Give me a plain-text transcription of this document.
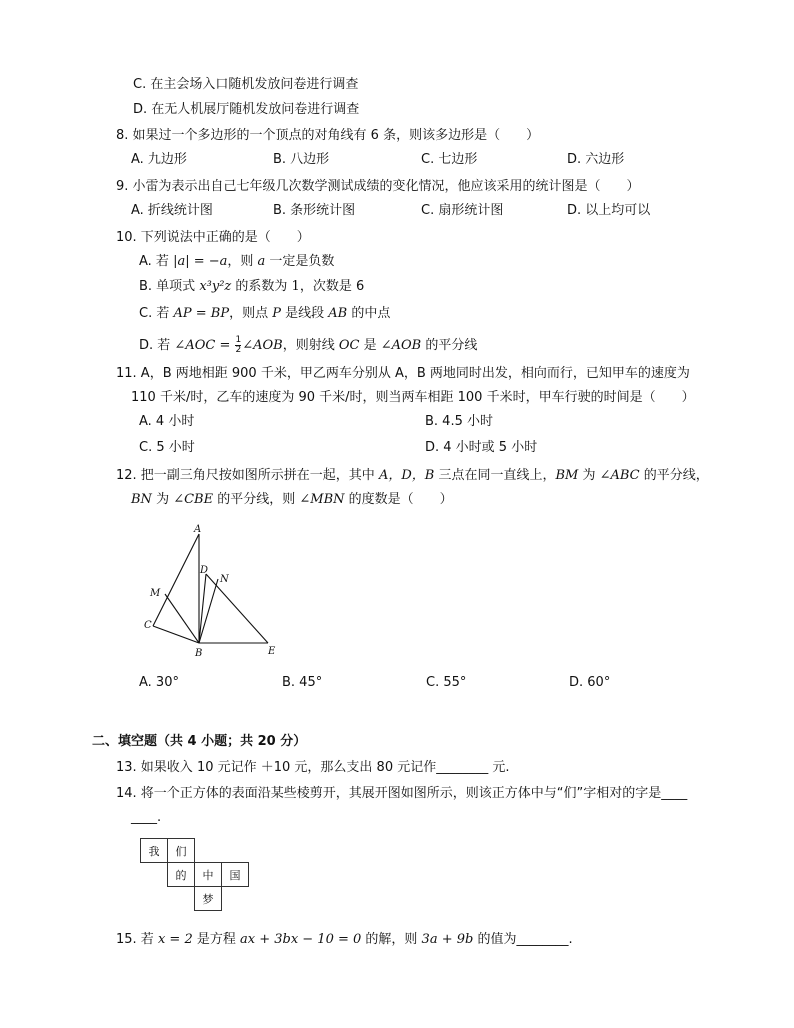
C. 在主会场入口随机发放问卷进行调查
D. 在无人机展厅随机发放问卷进行调查
8. 如果过一个多边形的一个顶点的对角线有 6 条，则该多边形是（　　）
A. 九边形	B. 八边形	C. 七边形	D. 六边形
9. 小雷为表示出自己七年级几次数学测试成绩的变化情况，他应该采用的统计图是（　　）
A. 折线统计图	B. 条形统计图	C. 扇形统计图	D. 以上均可以
10. 下列说法中正确的是（　　）
A. 若 |a| = −a，则 a 一定是负数
B. 单项式 x³y²z 的系数为 1，次数是 6
C. 若 AP = BP，则点 P 是线段 AB 的中点
D. 若 ∠AOC = $\frac{1}{2}$ ∠AOB，则射线 OC 是 ∠AOB 的平分线
11. A，B 两地相距 900 千米，甲乙两车分别从 A，B 两地同时出发，相向而行，已知甲车的速度为
110 千米/时，乙车的速度为 90 千米/时，则当两车相距 100 千米时，甲车行驶的时间是（　　）
A. 4 小时	B. 4.5 小时
C. 5 小时	D. 4 小时或 5 小时
12. 把一副三角尺按如图所示拼在一起，其中 A，D，B 三点在同一直线上，BM 为 ∠ABC 的平分线，
BN 为 ∠CBE 的平分线，则 ∠MBN 的度数是（　　）
A
D
N
M
C
B	E
A. 30°	B. 45°	C. 55°	D. 60°
二、填空题（共 4 小题；共 20 分）
13. 如果收入 10 元记作 ＋10 元，那么支出 80 元记作________ 元.
14. 将一个正方体的表面沿某些棱剪开，其展开图如图所示，则该正方体中与“们”字相对的字是____
____.
我	们		
	的	中	国
		梦	
15. 若 x = 2 是方程 ax + 3bx − 10 = 0 的解，则 3a + 9b 的值为________.
